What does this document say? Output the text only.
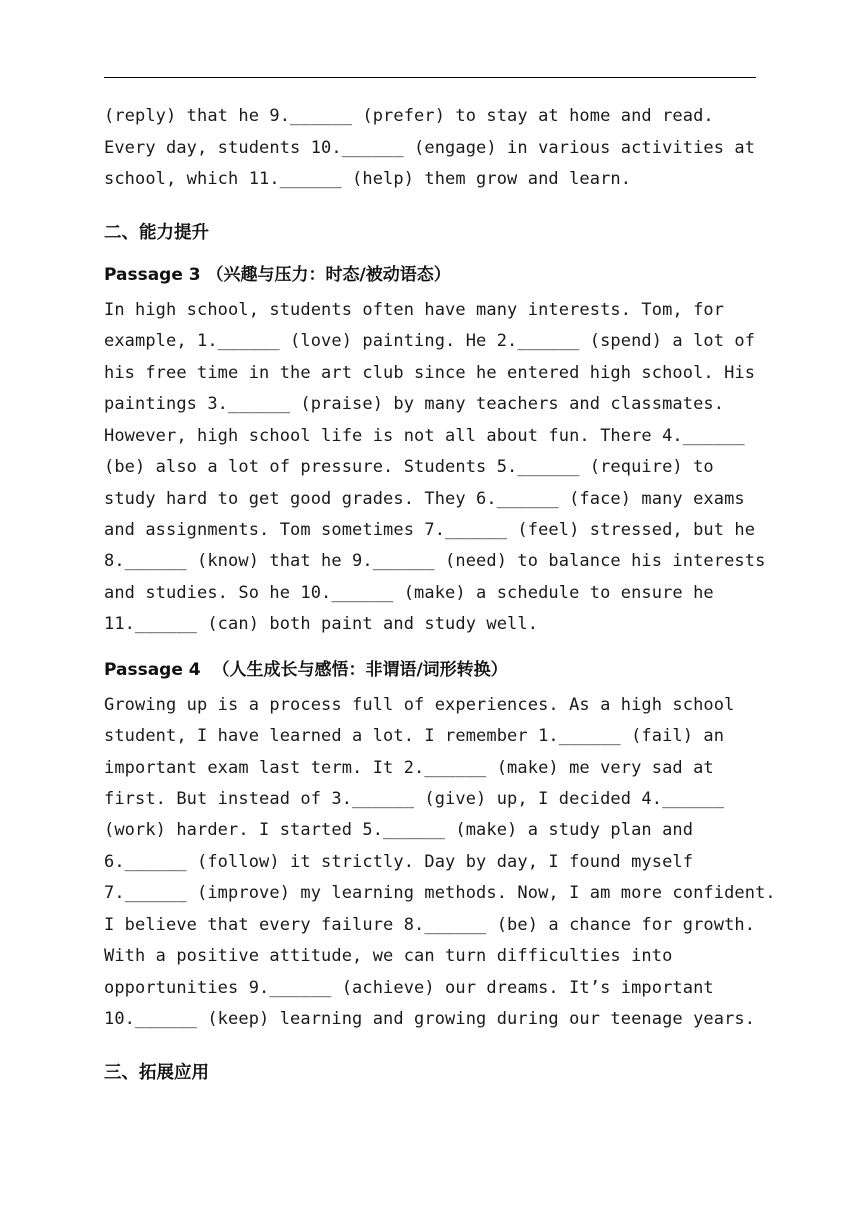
(reply) that he 9.______ (prefer) to stay at home and read.
Every day, students 10.______ (engage) in various activities at
school, which 11.______ (help) them grow and learn.
二、能力提升
Passage 3 （兴趣与压力：时态/被动语态）
In high school, students often have many interests. Tom, for
example, 1.______ (love) painting. He 2.______ (spend) a lot of
his free time in the art club since he entered high school. His
paintings 3.______ (praise) by many teachers and classmates.
However, high school life is not all about fun. There 4.______
(be) also a lot of pressure. Students 5.______ (require) to
study hard to get good grades. They 6.______ (face) many exams
and assignments. Tom sometimes 7.______ (feel) stressed, but he
8.______ (know) that he 9.______ (need) to balance his interests
and studies. So he 10.______ (make) a schedule to ensure he
11.______ (can) both paint and study well.
Passage 4  （人生成长与感悟：非谓语/词形转换）
Growing up is a process full of experiences. As a high school
student, I have learned a lot. I remember 1.______ (fail) an
important exam last term. It 2.______ (make) me very sad at
first. But instead of 3.______ (give) up, I decided 4.______
(work) harder. I started 5.______ (make) a study plan and
6.______ (follow) it strictly. Day by day, I found myself
7.______ (improve) my learning methods. Now, I am more confident.
I believe that every failure 8.______ (be) a chance for growth.
With a positive attitude, we can turn difficulties into
opportunities 9.______ (achieve) our dreams. It’s important
10.______ (keep) learning and growing during our teenage years.
三、拓展应用
